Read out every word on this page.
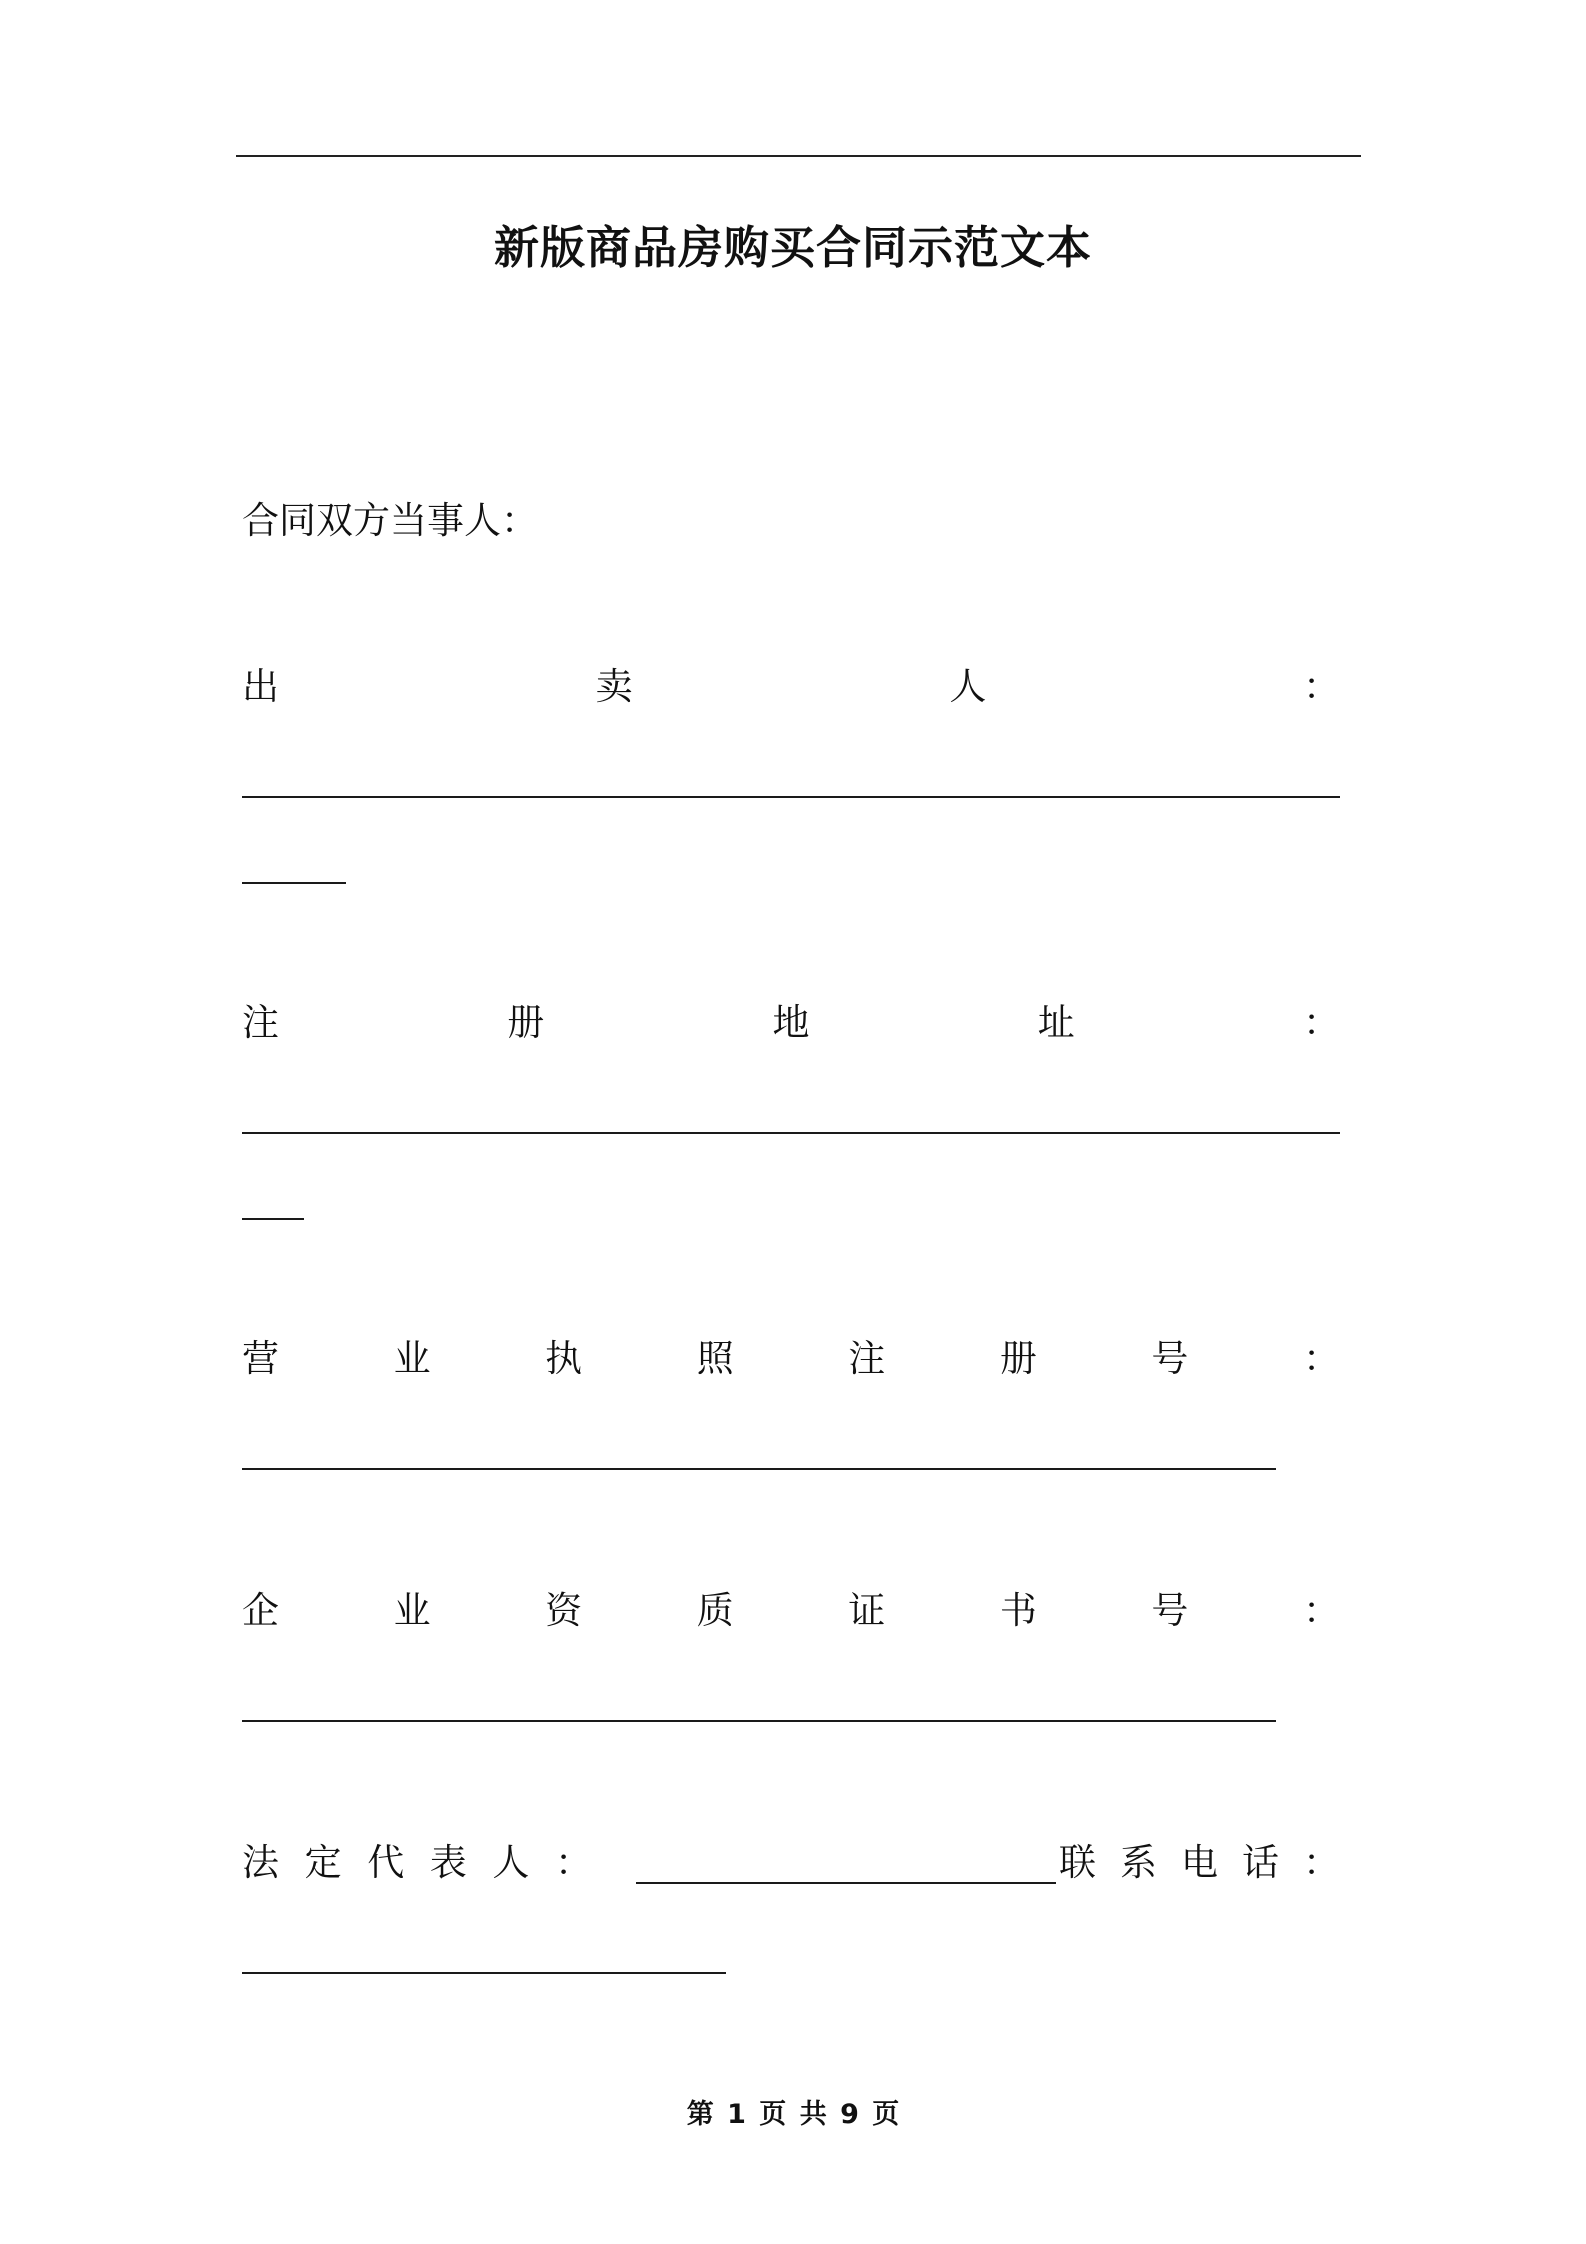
新版商品房购买合同示范文本
合同双方当事人：
出	卖	人	：
注	册	地	址	：
营	业	执	照	注	册	号	：
企	业	资	质	证	书	号	：
法 定 代 表 人 ：	联 系 电 话 ：
第 1 页 共 9 页
